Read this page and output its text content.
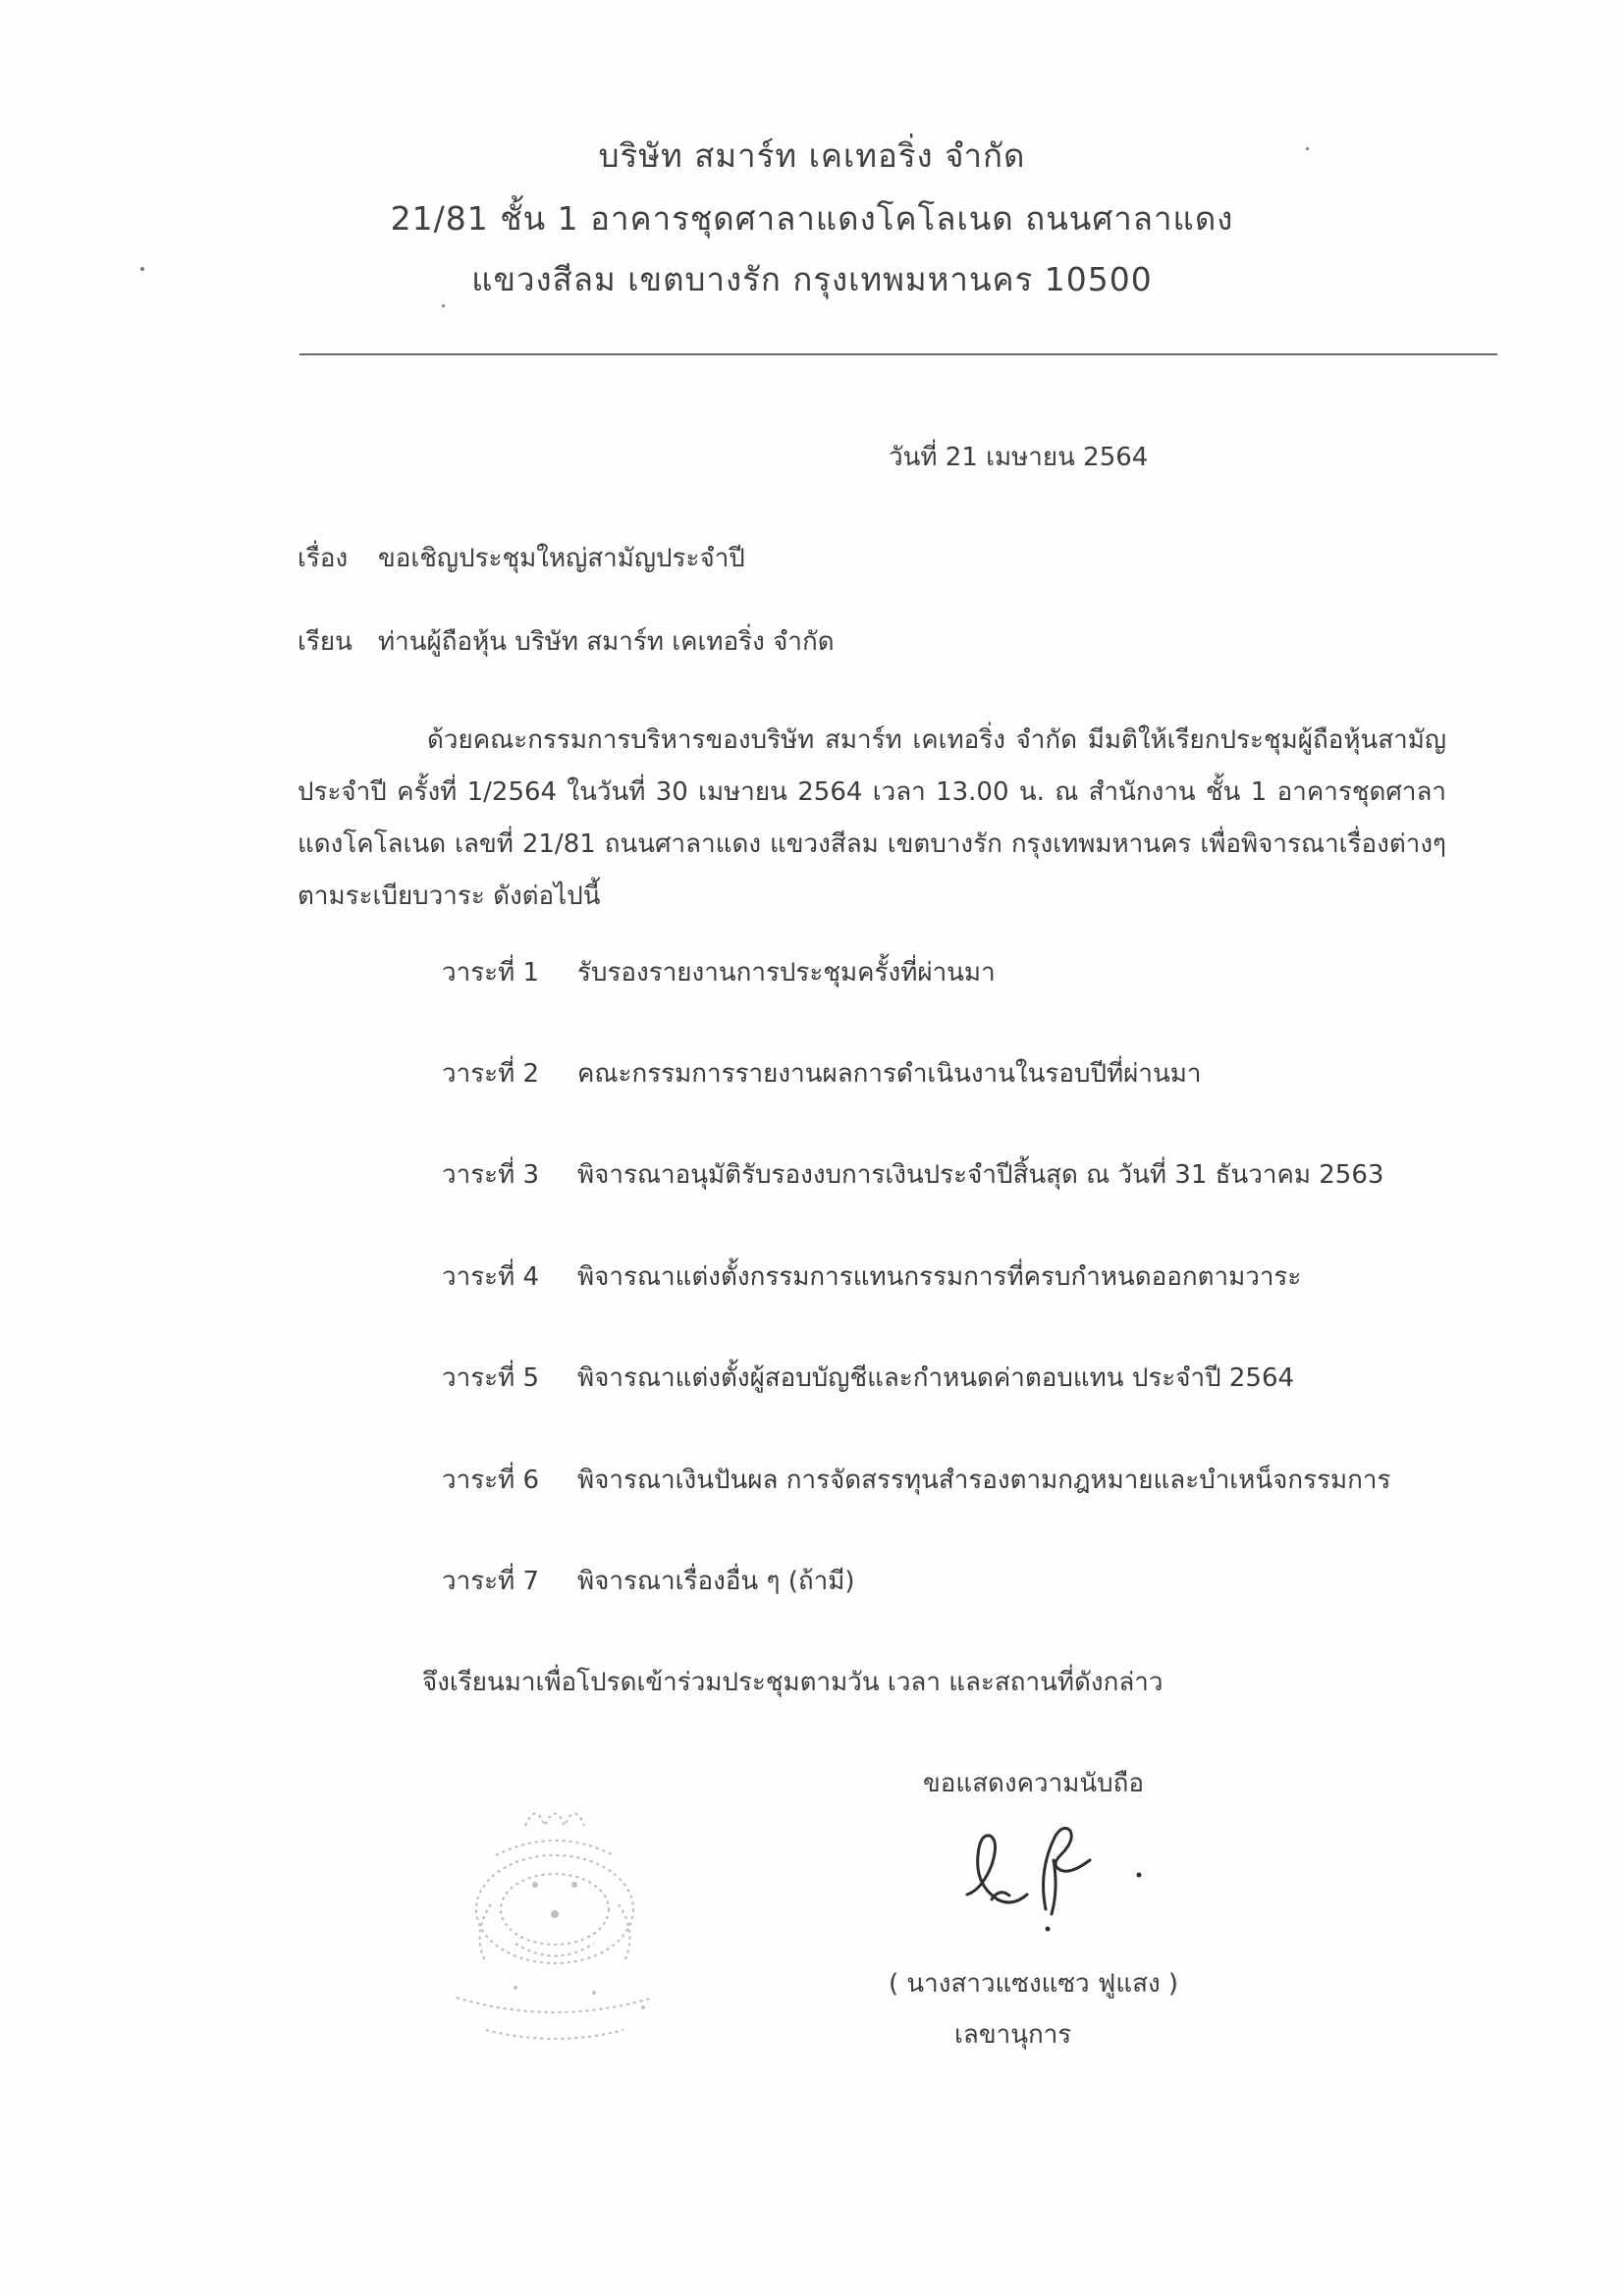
บริษัท สมาร์ท เคเทอริ่ง จำกัด
21/81 ชั้น 1 อาคารชุดศาลาแดงโคโลเนด ถนนศาลาแดง
แขวงสีลม เขตบางรัก กรุงเทพมหานคร 10500
วันที่ 21 เมษายน 2564
เรื่อง ขอเชิญประชุมใหญ่สามัญประจำปี
เรียน ท่านผู้ถือหุ้น บริษัท สมาร์ท เคเทอริ่ง จำกัด
ด้วยคณะกรรมการบริหารของบริษัท สมาร์ท เคเทอริ่ง จำกัด มีมติให้เรียกประชุมผู้ถือหุ้นสามัญประจำปี ครั้งที่ 1/2564 ในวันที่ 30 เมษายน 2564 เวลา 13.00 น. ณ สำนักงาน ชั้น 1 อาคารชุดศาลาแดงโคโลเนด เลขที่ 21/81 ถนนศาลาแดง แขวงสีลม เขตบางรัก กรุงเทพมหานคร เพื่อพิจารณาเรื่องต่างๆ ตามระเบียบวาระ ดังต่อไปนี้
วาระที่ 1 รับรองรายงานการประชุมครั้งที่ผ่านมา
วาระที่ 2 คณะกรรมการรายงานผลการดำเนินงานในรอบปีที่ผ่านมา
วาระที่ 3 พิจารณาอนุมัติรับรองงบการเงินประจำปีสิ้นสุด ณ วันที่ 31 ธันวาคม 2563
วาระที่ 4 พิจารณาแต่งตั้งกรรมการแทนกรรมการที่ครบกำหนดออกตามวาระ
วาระที่ 5 พิจารณาแต่งตั้งผู้สอบบัญชีและกำหนดค่าตอบแทน ประจำปี 2564
วาระที่ 6 พิจารณาเงินปันผล การจัดสรรทุนสำรองตามกฎหมายและบำเหน็จกรรมการ
วาระที่ 7 พิจารณาเรื่องอื่น ๆ (ถ้ามี)
จึงเรียนมาเพื่อโปรดเข้าร่วมประชุมตามวัน เวลา และสถานที่ดังกล่าว
ขอแสดงความนับถือ
( นางสาวแซงแซว ฟูแสง )
เลขานุการ
